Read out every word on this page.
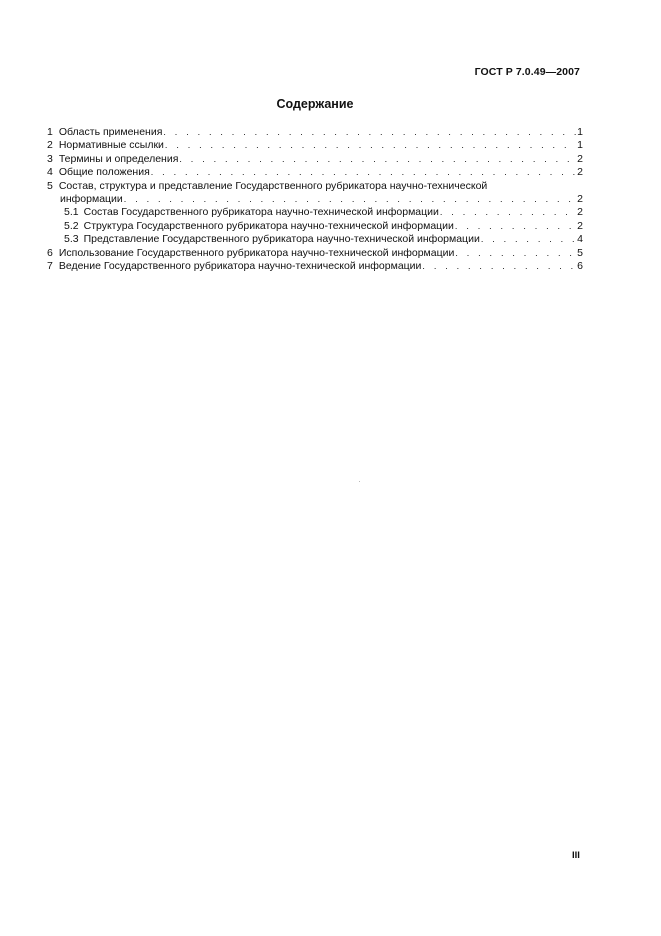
ГОСТ Р 7.0.49—2007
Содержание
1 Область применения . . .	1
2 Нормативные ссылки . . .	1
3 Термины и определения . . .	2
4 Общие положения . . .	2
5 Состав, структура и представление Государственного рубрикатора научно-технической
информации . . .	2
5.1 Состав Государственного рубрикатора научно-технической информации . . .	2
5.2 Структура Государственного рубрикатора научно-технической информации . . .	2
5.3 Представление Государственного рубрикатора научно-технической информации . . .	4
6 Использование Государственного рубрикатора научно-технической информации . . .	5
7 Ведение Государственного рубрикатора научно-технической информации . . .	6
III
